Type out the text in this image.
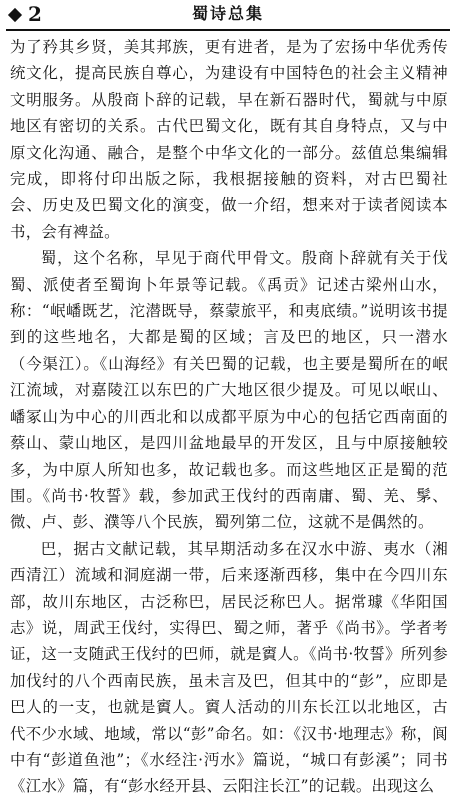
2	蜀诗总集

为了矜其乡贤，美其邦族，更有进者，是为了宏扬中华优秀传统文化，提高民族自尊心，为建设有中国特色的社会主义精神文明服务。从殷商卜辞的记载，早在新石器时代，蜀就与中原地区有密切的关系。古代巴蜀文化，既有其自身特点，又与中原文化沟通、融合，是整个中华文化的一部分。兹值总集编辑完成，即将付印出版之际，我根据接触的资料，对古巴蜀社会、历史及巴蜀文化的演变，做一介绍，想来对于读者阅读本书，会有裨益。

蜀，这个名称，早见于商代甲骨文。殷商卜辞就有关于伐蜀、派使者至蜀询卜年景等记载。《禹贡》记述古梁州山水，称：“岷嶓既艺，沱潜既导，蔡蒙旅平，和夷底绩。”说明该书提到的这些地名，大都是蜀的区域；言及巴的地区，只一潜水（今渠江）。《山海经》有关巴蜀的记载，也主要是蜀所在的岷江流域，对嘉陵江以东巴的广大地区很少提及。可见以岷山、嶓冢山为中心的川西北和以成都平原为中心的包括它西南面的蔡山、蒙山地区，是四川盆地最早的开发区，且与中原接触较多，为中原人所知也多，故记载也多。而这些地区正是蜀的范围。《尚书·牧誓》载，参加武王伐纣的西南庸、蜀、羌、髳、微、卢、彭、濮等八个民族，蜀列第二位，这就不是偶然的。

巴，据古文献记载，其早期活动多在汉水中游、夷水（湘西清江）流域和洞庭湖一带，后来逐渐西移，集中在今四川东部，故川东地区，古泛称巴，居民泛称巴人。据常璩《华阳国志》说，周武王伐纣，实得巴、蜀之师，著乎《尚书》。学者考证，这一支随武王伐纣的巴师，就是賨人。《尚书·牧誓》所列参加伐纣的八个西南民族，虽未言及巴，但其中的“彭”，应即是巴人的一支，也就是賨人。賨人活动的川东长江以北地区，古代不少水域、地域，常以“彭”命名。如：《汉书·地理志》称，阆中有“彭道鱼池”；《水经注·沔水》篇说，“城口有彭溪”；同书《江水》篇，有“彭水经开县、云阳注长江”的记载。出现这么
